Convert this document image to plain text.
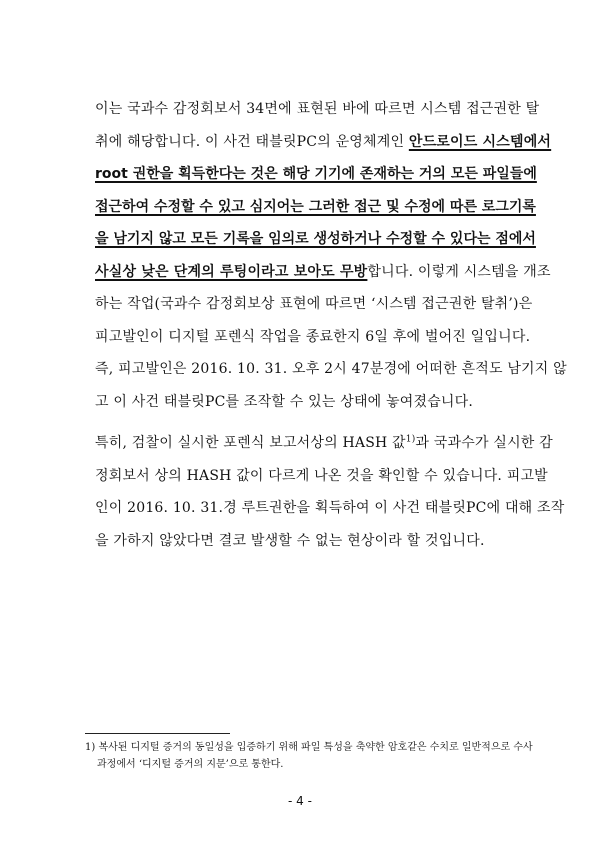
이는 국과수 감정회보서 34면에 표현된 바에 따르면 시스템 접근권한 탈
취에 해당합니다. 이 사건 태블릿PC의 운영체계인 안드로이드 시스템에서
root 권한을 획득한다는 것은 해당 기기에 존재하는 거의 모든 파일들에
접근하여 수정할 수 있고 심지어는 그러한 접근 및 수정에 따른 로그기록
을 남기지 않고 모든 기록을 임의로 생성하거나 수정할 수 있다는 점에서
사실상 낮은 단계의 루팅이라고 보아도 무방합니다. 이렇게 시스템을 개조
하는 작업(국과수 감정회보상 표현에 따르면 ‘시스템 접근권한 탈취’)은
피고발인이 디지털 포렌식 작업을 종료한지 6일 후에 벌어진 일입니다.
즉, 피고발인은 2016. 10. 31. 오후 2시 47분경에 어떠한 흔적도 남기지 않
고 이 사건 태블릿PC를 조작할 수 있는 상태에 놓여졌습니다.
특히, 검찰이 실시한 포렌식 보고서상의 HASH 값$^{1)}$과 국과수가 실시한 감
정회보서 상의 HASH 값이 다르게 나온 것을 확인할 수 있습니다. 피고발
인이 2016. 10. 31.경 루트권한을 획득하여 이 사건 태블릿PC에 대해 조작
을 가하지 않았다면 결코 발생할 수 없는 현상이라 할 것입니다.
1) 복사된 디지털 증거의 동일성을 입증하기 위해 파일 특성을 축약한 암호같은 수치로 일반적으로 수사
과정에서 ‘디지털 증거의 지문’으로 통한다.
- 4 -
